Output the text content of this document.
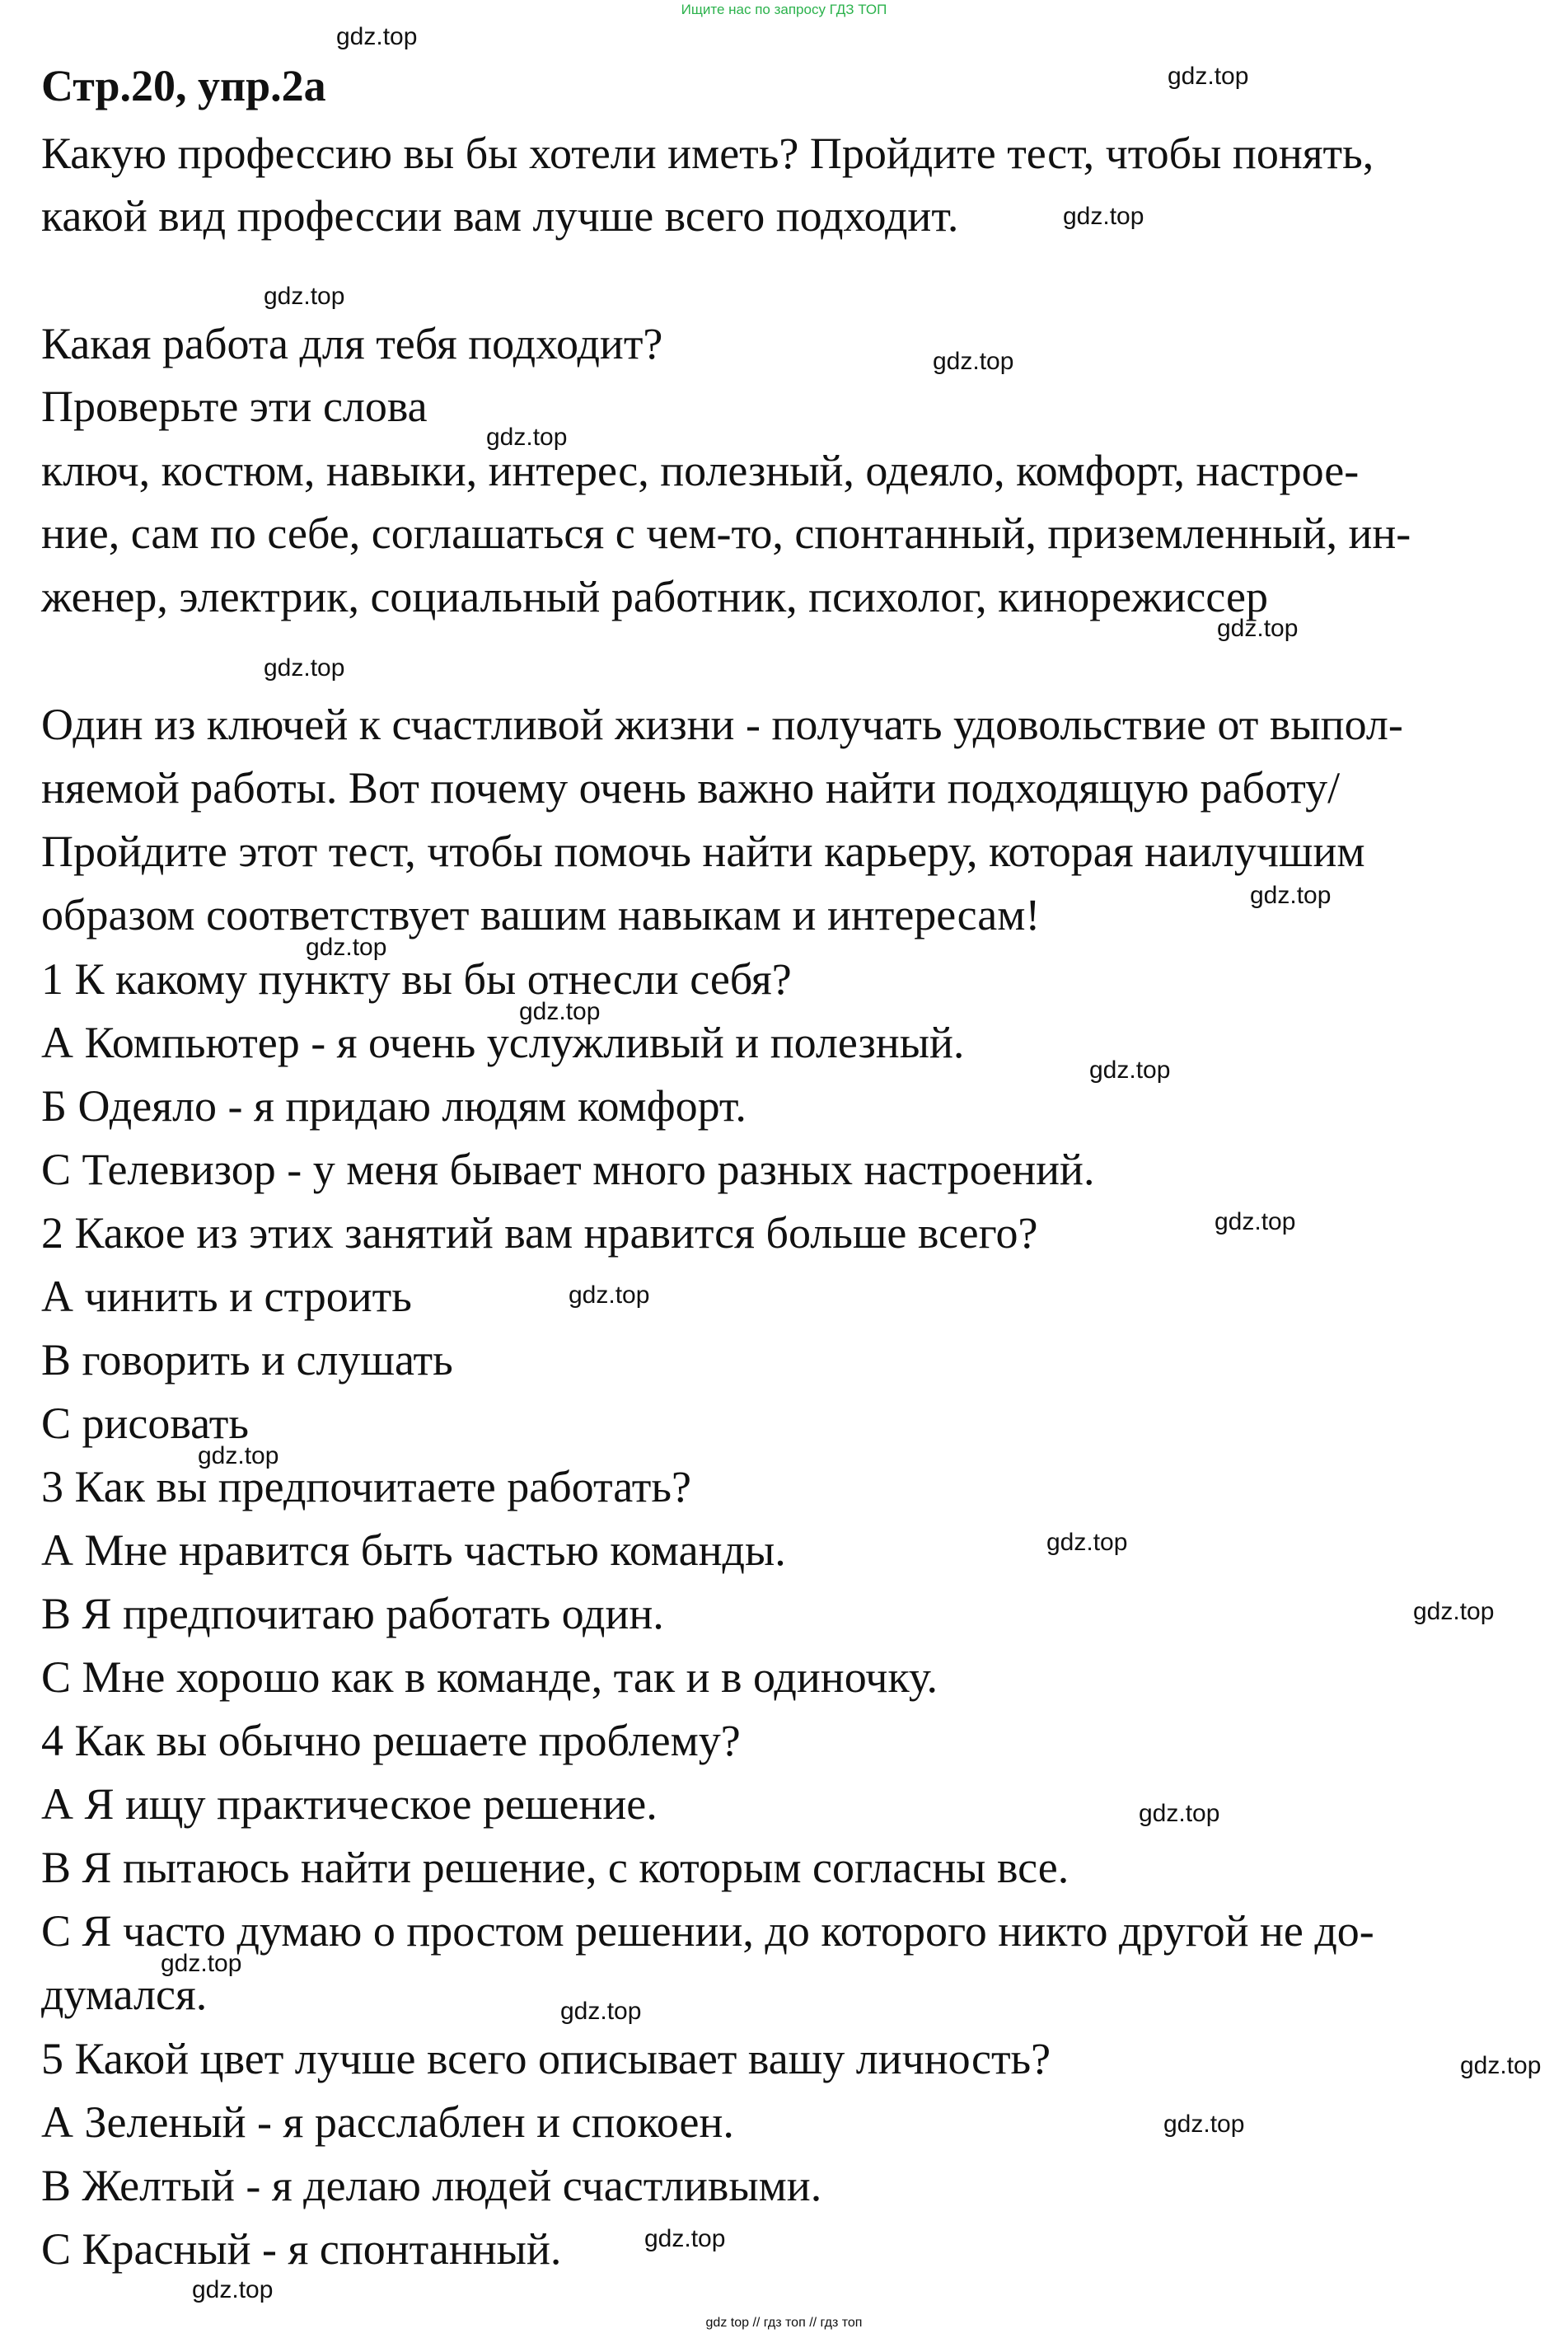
Ищите нас по запросу ГДЗ ТОП
Стр.20, упр.2а
Какую профессию вы бы хотели иметь? Пройдите тест, чтобы понять,
какой вид профессии вам лучше всего подходит.
Какая работа для тебя подходит?
Проверьте эти слова
ключ, костюм, навыки, интерес, полезный, одеяло, комфорт, настрое-
ние, сам по себе, соглашаться с чем-то, спонтанный, приземленный, ин-
женер, электрик, социальный работник, психолог, кинорежиссер
Один из ключей к счастливой жизни - получать удовольствие от выпол-
няемой работы. Вот почему очень важно найти подходящую работу/
Пройдите этот тест, чтобы помочь найти карьеру, которая наилучшим
образом соответствует вашим навыкам и интересам!
1 К какому пункту вы бы отнесли себя?
А Компьютер - я очень услужливый и полезный.
Б Одеяло - я придаю людям комфорт.
С Телевизор - у меня бывает много разных настроений.
2 Какое из этих занятий вам нравится больше всего?
А чинить и строить
В говорить и слушать
С рисовать
3 Как вы предпочитаете работать?
А Мне нравится быть частью команды.
В Я предпочитаю работать один.
С Мне хорошо как в команде, так и в одиночку.
4 Как вы обычно решаете проблему?
А Я ищу практическое решение.
В Я пытаюсь найти решение, с которым согласны все.
С Я часто думаю о простом решении, до которого никто другой не до-
думался.
5 Какой цвет лучше всего описывает вашу личность?
А Зеленый - я расслаблен и спокоен.
В Желтый - я делаю людей счастливыми.
С Красный - я спонтанный.
gdz.top
gdz.top
gdz.top
gdz.top
gdz.top
gdz.top
gdz.top
gdz.top
gdz.top
gdz.top
gdz.top
gdz.top
gdz.top
gdz.top
gdz.top
gdz.top
gdz.top
gdz.top
gdz.top
gdz.top
gdz.top
gdz.top
gdz.top
gdz.top
gdz top // гдз топ // гдз топ
